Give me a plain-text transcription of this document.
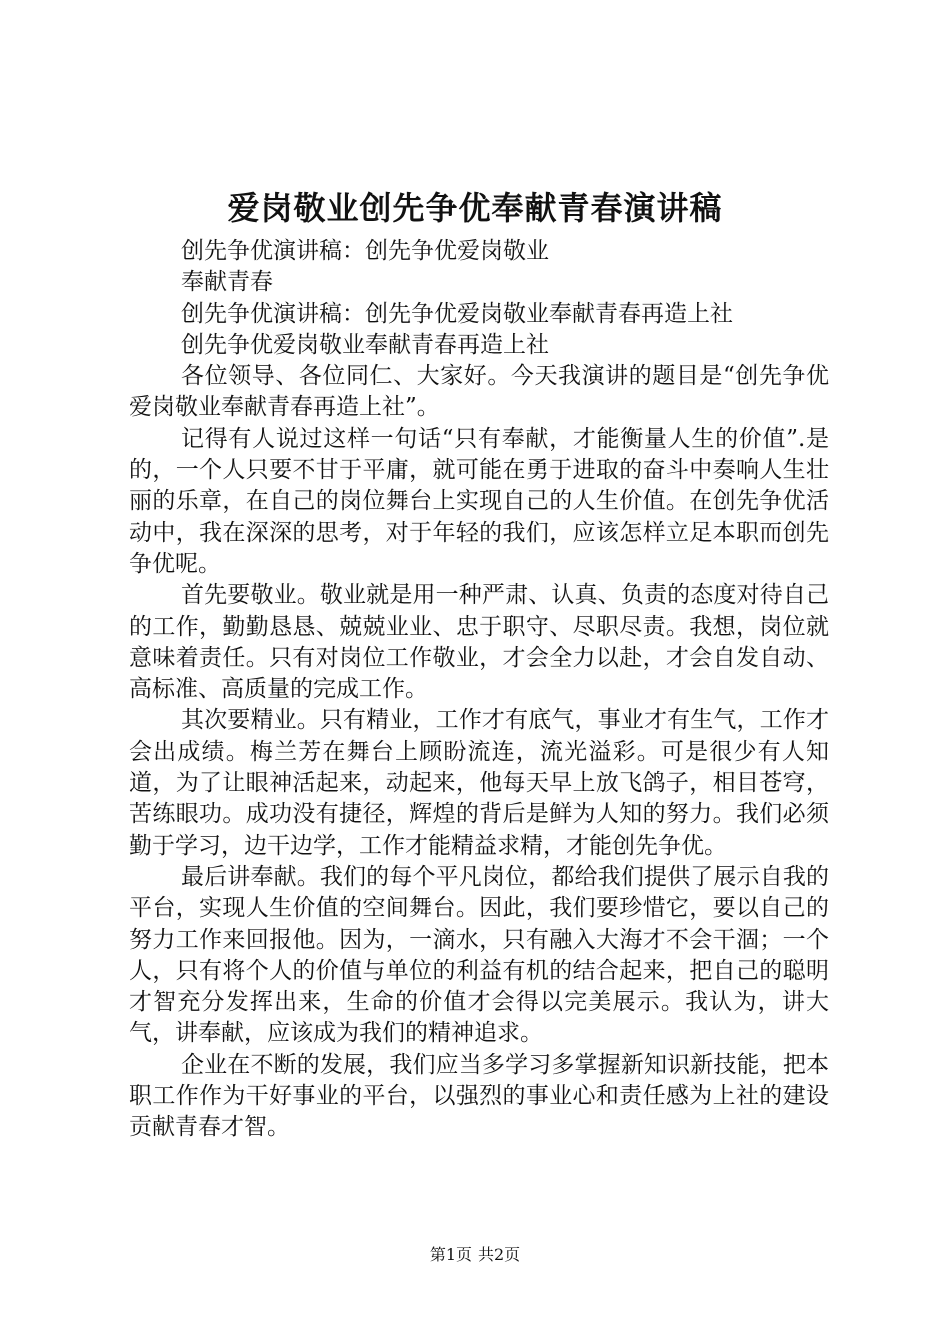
爱岗敬业创先争优奉献青春演讲稿
创先争优演讲稿：创先争优爱岗敬业
奉献青春
创先争优演讲稿：创先争优爱岗敬业奉献青春再造上社
创先争优爱岗敬业奉献青春再造上社

各位领导、各位同仁、大家好。今天我演讲的题目是“创先争优爱岗敬业奉献青春再造上社”。

记得有人说过这样一句话“只有奉献，才能衡量人生的价值”.是的，一个人只要不甘于平庸，就可能在勇于进取的奋斗中奏响人生壮丽的乐章，在自己的岗位舞台上实现自己的人生价值。在创先争优活动中，我在深深的思考，对于年轻的我们，应该怎样立足本职而创先争优呢。

首先要敬业。敬业就是用一种严肃、认真、负责的态度对待自己的工作，勤勤恳恳、兢兢业业、忠于职守、尽职尽责。我想，岗位就意味着责任。只有对岗位工作敬业，才会全力以赴，才会自发自动、高标准、高质量的完成工作。

其次要精业。只有精业，工作才有底气，事业才有生气，工作才会出成绩。梅兰芳在舞台上顾盼流连，流光溢彩。可是很少有人知道，为了让眼神活起来，动起来，他每天早上放飞鸽子，相目苍穹，苦练眼功。成功没有捷径，辉煌的背后是鲜为人知的努力。我们必须勤于学习，边干边学，工作才能精益求精，才能创先争优。

最后讲奉献。我们的每个平凡岗位，都给我们提供了展示自我的平台，实现人生价值的空间舞台。因此，我们要珍惜它，要以自己的努力工作来回报他。因为，一滴水，只有融入大海才不会干涸；一个人，只有将个人的价值与单位的利益有机的结合起来，把自己的聪明才智充分发挥出来，生命的价值才会得以完美展示。我认为，讲大气，讲奉献，应该成为我们的精神追求。

企业在不断的发展，我们应当多学习多掌握新知识新技能，把本职工作作为干好事业的平台，以强烈的事业心和责任感为上社的建设贡献青春才智。

第1页 共2页
